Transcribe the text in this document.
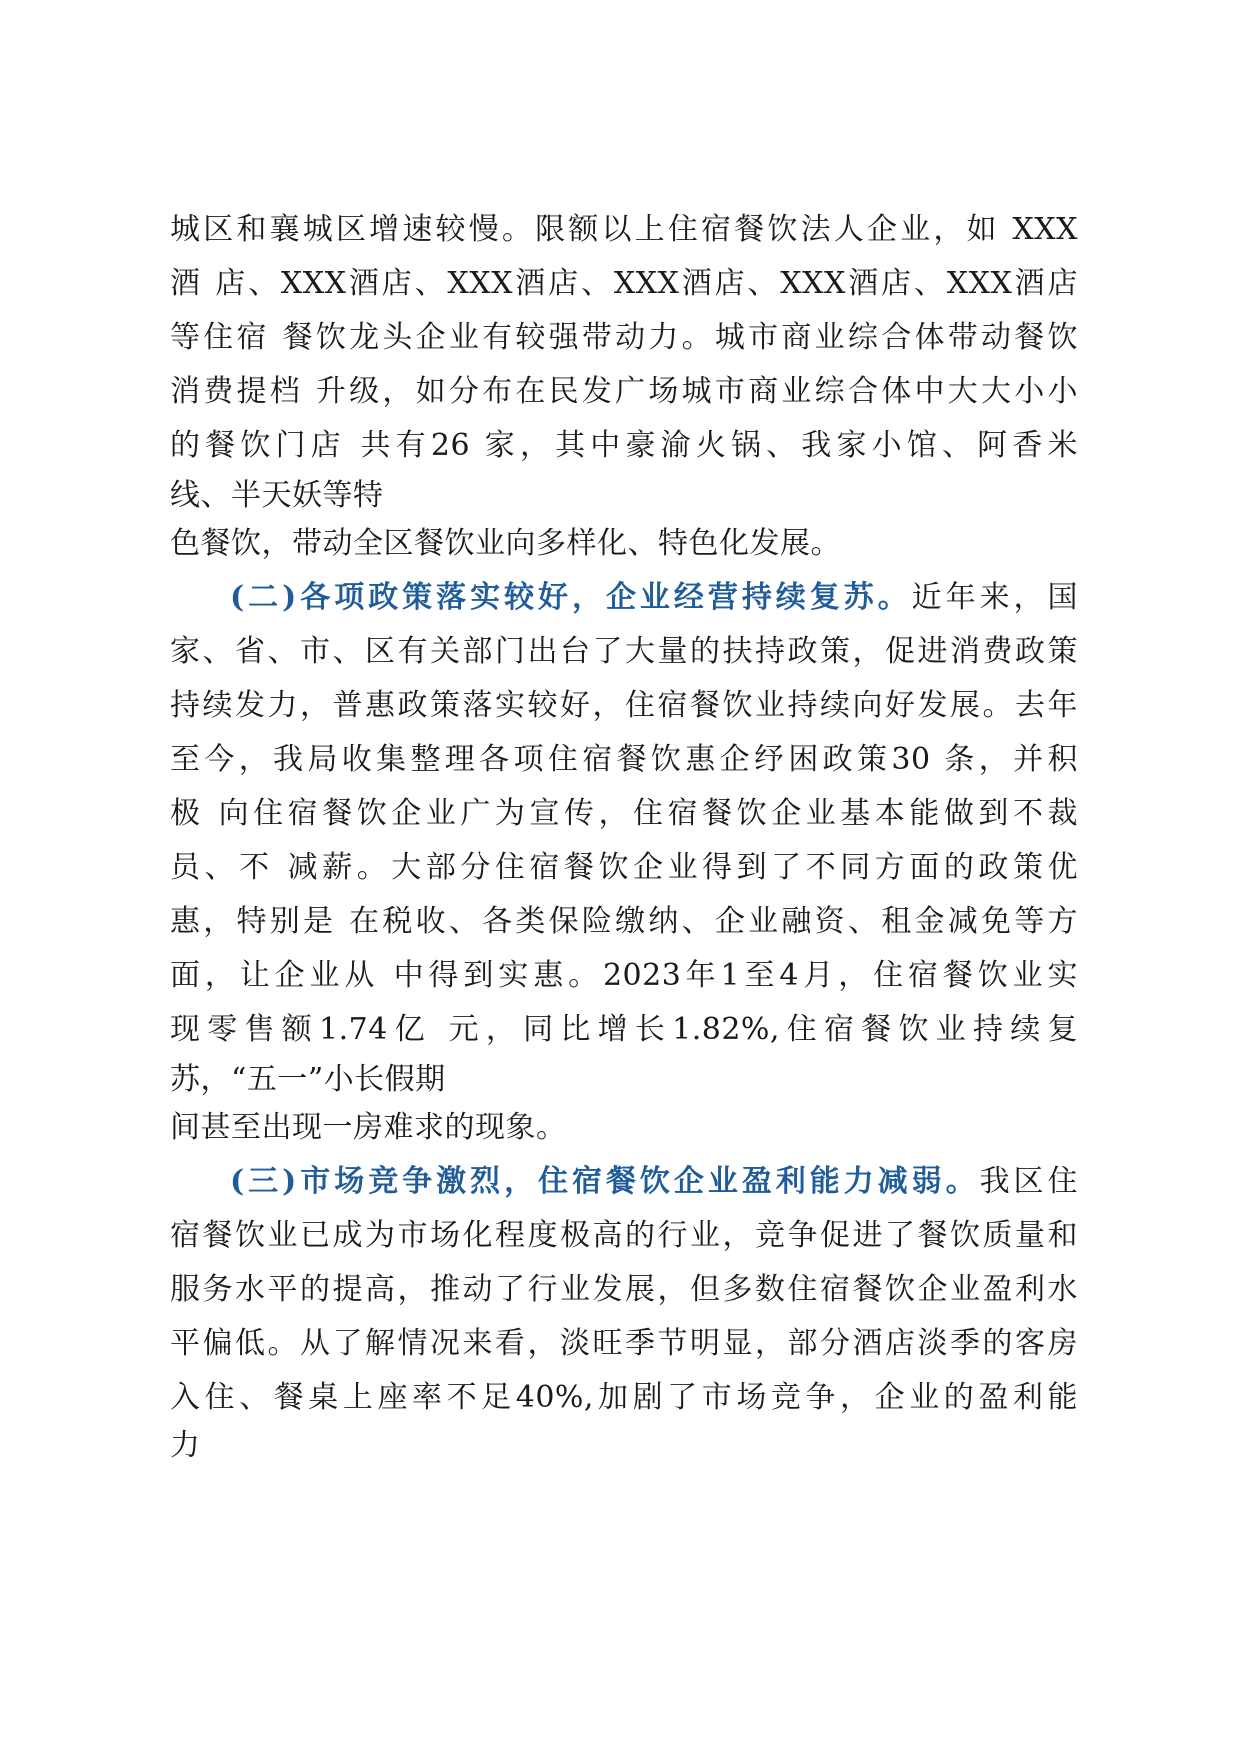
城区和襄城区增速较慢。限额以上住宿餐饮法人企业，如 XXX
酒 店、XXX酒店、XXX酒店、XXX酒店、XXX酒店、XXX酒店
等住宿 餐饮龙头企业有较强带动力。城市商业综合体带动餐饮
消费提档 升级，如分布在民发广场城市商业综合体中大大小小
的餐饮门店 共有26 家，其中豪渝火锅、我家小馆、阿香米
线、半天妖等特
色餐饮，带动全区餐饮业向多样化、特色化发展。
(二)各项政策落实较好，企业经营持续复苏。近年来，国
家、省、市、区有关部门出台了大量的扶持政策，促进消费政策
持续发力，普惠政策落实较好，住宿餐饮业持续向好发展。去年
至今，我局收集整理各项住宿餐饮惠企纾困政策30 条，并积
极 向住宿餐饮企业广为宣传，住宿餐饮企业基本能做到不裁
员、不 减薪。大部分住宿餐饮企业得到了不同方面的政策优
惠，特别是 在税收、各类保险缴纳、企业融资、租金减免等方
面，让企业从 中得到实惠。2023年1至4月，住宿餐饮业实
现零售额1.74亿 元，同比增长1.82%,住宿餐饮业持续复
苏，“五一”小长假期
间甚至出现一房难求的现象。
(三)市场竞争激烈，住宿餐饮企业盈利能力减弱。我区住
宿餐饮业已成为市场化程度极高的行业，竞争促进了餐饮质量和
服务水平的提高，推动了行业发展，但多数住宿餐饮企业盈利水
平偏低。从了解情况来看，淡旺季节明显，部分酒店淡季的客房
入住、餐桌上座率不足40%,加剧了市场竞争，企业的盈利能
力
